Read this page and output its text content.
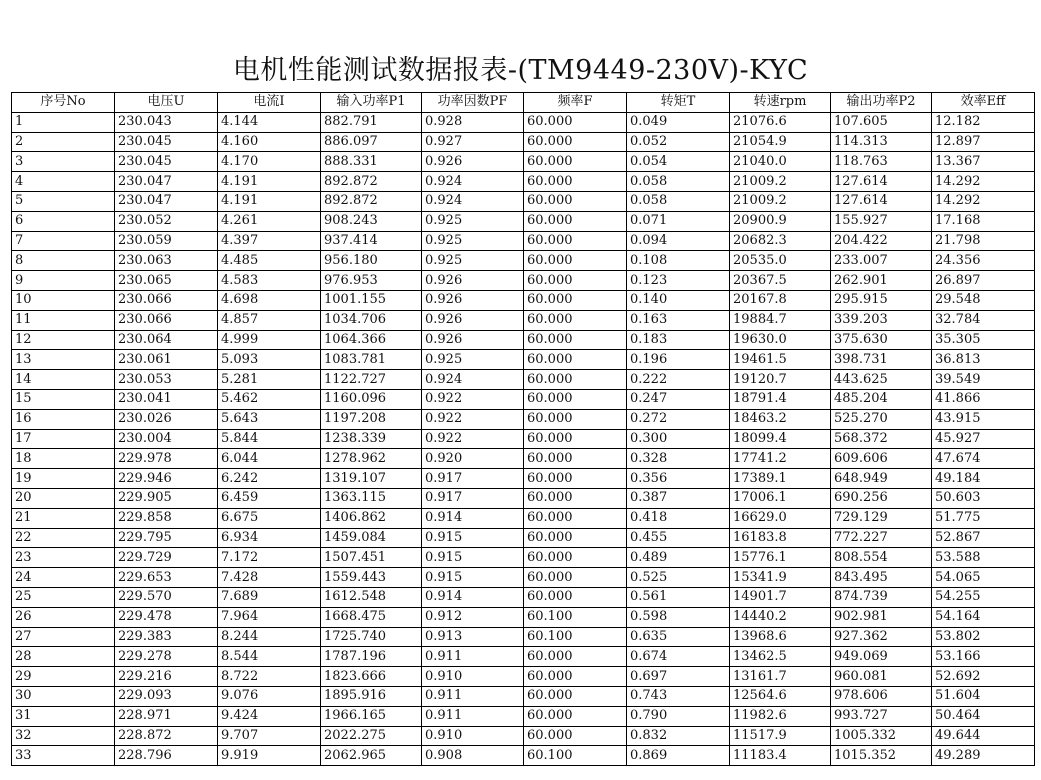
电机性能测试数据报表-(TM9449-230V)-KYC
序号No	电压U	电流I	输入功率P1	功率因数PF	频率F	转矩T	转速rpm	输出功率P2	效率Eff
1	230.043	4.144	882.791	0.928	60.000	0.049	21076.6	107.605	12.182
2	230.045	4.160	886.097	0.927	60.000	0.052	21054.9	114.313	12.897
3	230.045	4.170	888.331	0.926	60.000	0.054	21040.0	118.763	13.367
4	230.047	4.191	892.872	0.924	60.000	0.058	21009.2	127.614	14.292
5	230.047	4.191	892.872	0.924	60.000	0.058	21009.2	127.614	14.292
6	230.052	4.261	908.243	0.925	60.000	0.071	20900.9	155.927	17.168
7	230.059	4.397	937.414	0.925	60.000	0.094	20682.3	204.422	21.798
8	230.063	4.485	956.180	0.925	60.000	0.108	20535.0	233.007	24.356
9	230.065	4.583	976.953	0.926	60.000	0.123	20367.5	262.901	26.897
10	230.066	4.698	1001.155	0.926	60.000	0.140	20167.8	295.915	29.548
11	230.066	4.857	1034.706	0.926	60.000	0.163	19884.7	339.203	32.784
12	230.064	4.999	1064.366	0.926	60.000	0.183	19630.0	375.630	35.305
13	230.061	5.093	1083.781	0.925	60.000	0.196	19461.5	398.731	36.813
14	230.053	5.281	1122.727	0.924	60.000	0.222	19120.7	443.625	39.549
15	230.041	5.462	1160.096	0.922	60.000	0.247	18791.4	485.204	41.866
16	230.026	5.643	1197.208	0.922	60.000	0.272	18463.2	525.270	43.915
17	230.004	5.844	1238.339	0.922	60.000	0.300	18099.4	568.372	45.927
18	229.978	6.044	1278.962	0.920	60.000	0.328	17741.2	609.606	47.674
19	229.946	6.242	1319.107	0.917	60.000	0.356	17389.1	648.949	49.184
20	229.905	6.459	1363.115	0.917	60.000	0.387	17006.1	690.256	50.603
21	229.858	6.675	1406.862	0.914	60.000	0.418	16629.0	729.129	51.775
22	229.795	6.934	1459.084	0.915	60.000	0.455	16183.8	772.227	52.867
23	229.729	7.172	1507.451	0.915	60.000	0.489	15776.1	808.554	53.588
24	229.653	7.428	1559.443	0.915	60.000	0.525	15341.9	843.495	54.065
25	229.570	7.689	1612.548	0.914	60.000	0.561	14901.7	874.739	54.255
26	229.478	7.964	1668.475	0.912	60.100	0.598	14440.2	902.981	54.164
27	229.383	8.244	1725.740	0.913	60.100	0.635	13968.6	927.362	53.802
28	229.278	8.544	1787.196	0.911	60.000	0.674	13462.5	949.069	53.166
29	229.216	8.722	1823.666	0.910	60.000	0.697	13161.7	960.081	52.692
30	229.093	9.076	1895.916	0.911	60.000	0.743	12564.6	978.606	51.604
31	228.971	9.424	1966.165	0.911	60.000	0.790	11982.6	993.727	50.464
32	228.872	9.707	2022.275	0.910	60.000	0.832	11517.9	1005.332	49.644
33	228.796	9.919	2062.965	0.908	60.100	0.869	11183.4	1015.352	49.289
